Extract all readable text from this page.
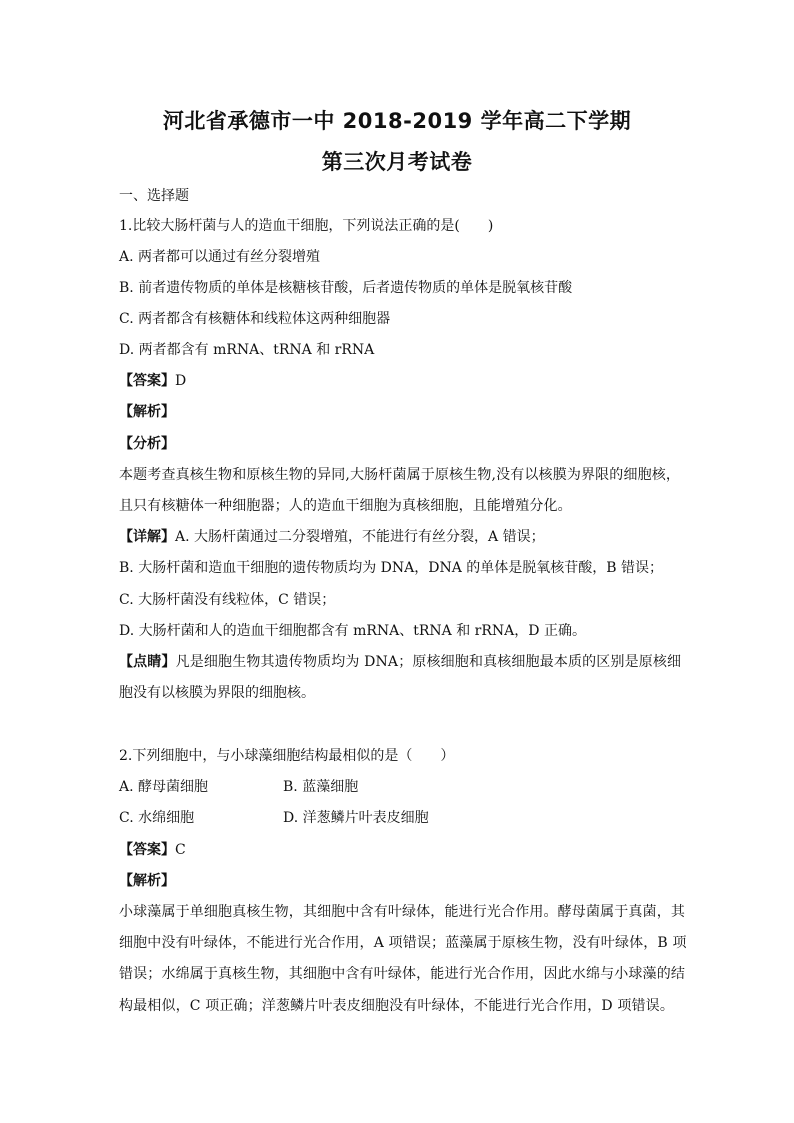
河北省承德市一中 2018-2019 学年高二下学期
第三次月考试卷
一、选择题
1.比较大肠杆菌与人的造血干细胞，下列说法正确的是(　　)
A. 两者都可以通过有丝分裂增殖
B. 前者遗传物质的单体是核糖核苷酸，后者遗传物质的单体是脱氧核苷酸
C. 两者都含有核糖体和线粒体这两种细胞器
D. 两者都含有 mRNA、tRNA 和 rRNA
【答案】D
【解析】
【分析】
本题考查真核生物和原核生物的异同,大肠杆菌属于原核生物,没有以核膜为界限的细胞核，
且只有核糖体一种细胞器；人的造血干细胞为真核细胞，且能增殖分化。
【详解】A. 大肠杆菌通过二分裂增殖，不能进行有丝分裂，A 错误；
B. 大肠杆菌和造血干细胞的遗传物质均为 DNA，DNA 的单体是脱氧核苷酸，B 错误；
C. 大肠杆菌没有线粒体，C 错误；
D. 大肠杆菌和人的造血干细胞都含有 mRNA、tRNA 和 rRNA，D 正确。
【点睛】凡是细胞生物其遗传物质均为 DNA；原核细胞和真核细胞最本质的区别是原核细
胞没有以核膜为界限的细胞核。
2.下列细胞中，与小球藻细胞结构最相似的是（　　）
A. 酵母菌细胞	B. 蓝藻细胞
C. 水绵细胞	D. 洋葱鳞片叶表皮细胞
【答案】C
【解析】
小球藻属于单细胞真核生物，其细胞中含有叶绿体，能进行光合作用。酵母菌属于真菌，其
细胞中没有叶绿体，不能进行光合作用，A 项错误；蓝藻属于原核生物，没有叶绿体，B 项
错误；水绵属于真核生物，其细胞中含有叶绿体，能进行光合作用，因此水绵与小球藻的结
构最相似，C 项正确；洋葱鳞片叶表皮细胞没有叶绿体，不能进行光合作用，D 项错误。
